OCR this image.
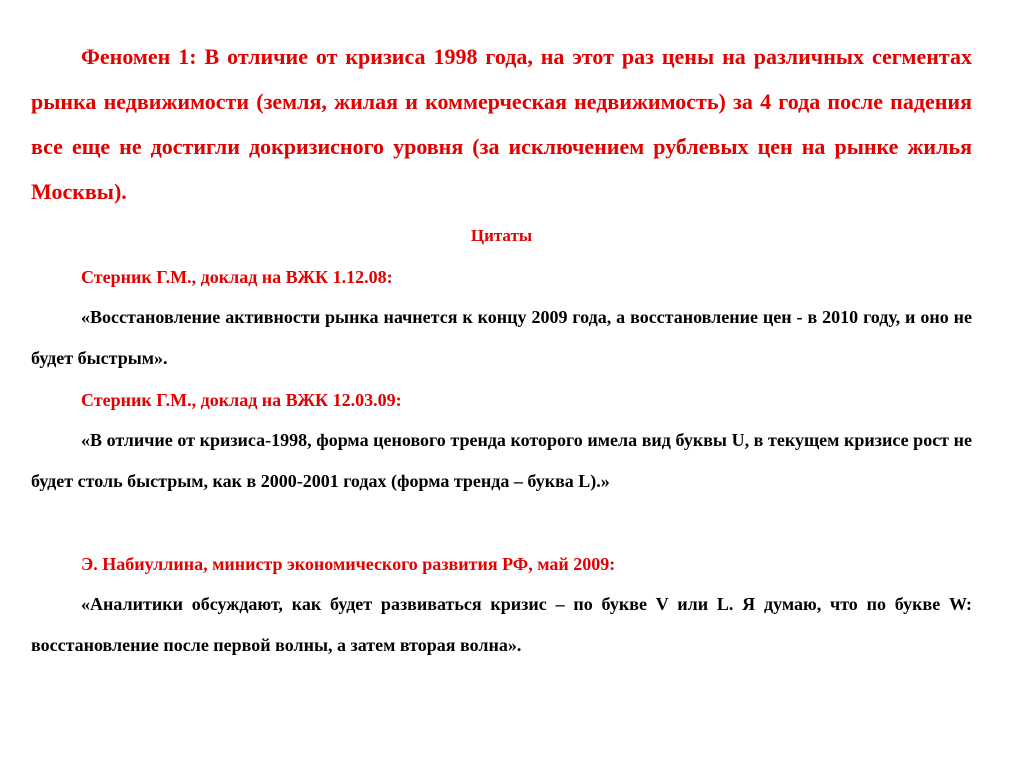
Феномен 1: В отличие от кризиса 1998 года, на этот раз цены на различных сегментах рынка недвижимости (земля, жилая и коммерческая недвижимость) за 4 года после падения все еще не достигли докризисного уровня (за исключением рублевых цен на рынке жилья Москвы).

Цитаты

Стерник Г.М., доклад на ВЖК 1.12.08:

«Восстановление активности рынка начнется к концу 2009 года, а восстановление цен - в 2010 году, и оно не будет быстрым».

Стерник Г.М., доклад на ВЖК 12.03.09:

«В отличие от кризиса-1998, форма ценового тренда которого имела вид буквы U, в текущем кризисе рост не будет столь быстрым, как в 2000-2001 годах (форма тренда – буква L).»

Э. Набиуллина, министр экономического развития РФ, май 2009:

«Аналитики обсуждают, как будет развиваться кризис – по букве V или L. Я думаю, что по букве W: восстановление после первой волны, а затем вторая волна».
